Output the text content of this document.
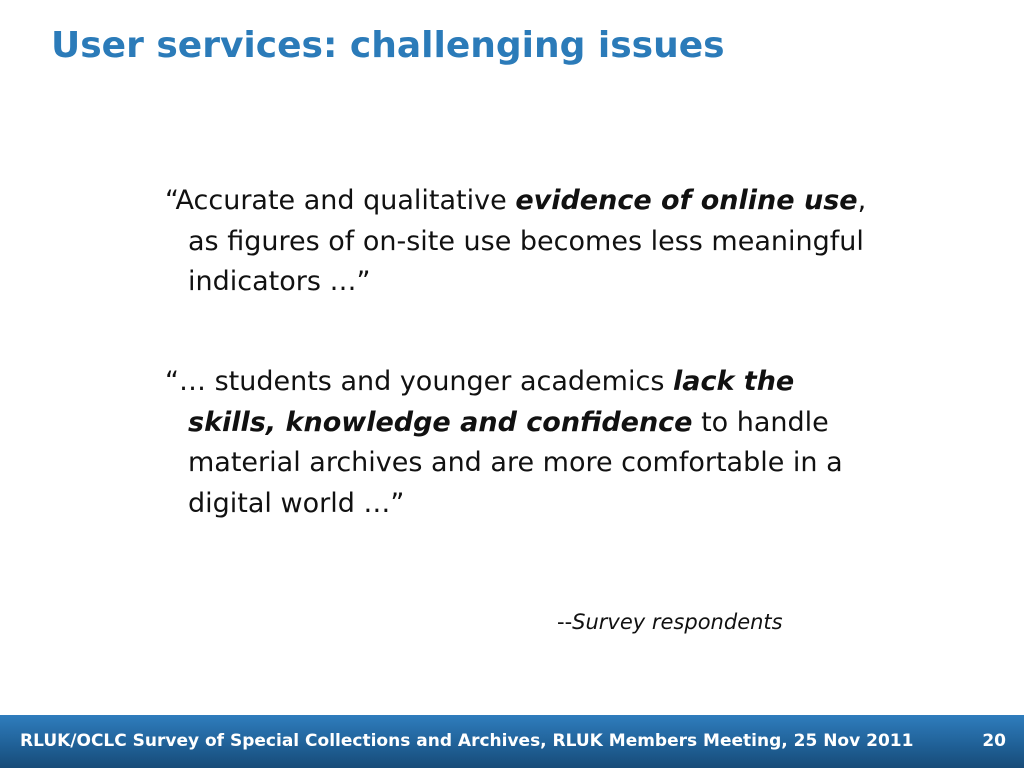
User services: challenging issues

“Accurate and qualitative evidence of online use, as figures of on-site use becomes less meaningful indicators …”

“… students and younger academics lack the skills, knowledge and confidence to handle material archives and are more comfortable in a digital world …”

--Survey respondents

RLUK/OCLC Survey of Special Collections and Archives, RLUK Members Meeting, 25 Nov 2011	20
